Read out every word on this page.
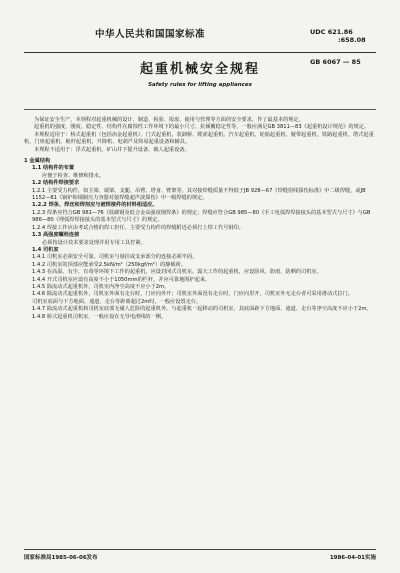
中华人民共和国国家标准	UDC 621.86
:658.08
GB 6067 — 85
起重机械安全规程
Safety rules for lifting appliances

为保证安全生产，本规程对起重机械的设计、制造、检验、报废、使用与管理等方面的安全要求，作了最基本的规定。

起重机的强度、刚度、稳定性、结构件在腐蚀性工作环境下的最小尺寸、抗倾覆稳定性等，一般应满足GB 3811—83《起重机设计规范》的规定。

本规程适用于：桥式起重机（包括冶金起重机）、门式起重机、装卸桥、缆索起重机、汽车起重机、轮胎起重机、履带起重机、铁路起重机、塔式起重机、门座起重机、桅杆起重机、升降机、电葫芦及简易起重设备和辅具。

本规程不适用于：浮式起重机、矿山井下提升设备、载人起重设备。

1 金属结构

1.1 结构件的布置

应便于检查、维修和排水。

1.2 结构件焊接要求

1.2.1 主要受力构件，如主梁、端梁、支腿、吊臂、塔身、臂架等，其对接焊缝质量不得低于JB 928—67《焊缝射线探伤标准》中二级焊缝，或JB 1152—81《锅炉和钢制压力容器对接焊缝超声波探伤》中一级焊缝的规定。

1.2.2 焊条、焊丝和焊剂应与被焊接件的材料相适应。

1.2.3 焊条应符合GB 981—76《低碳钢及低合金高强度钢焊条》的规定；焊缝应符合GB 985—80《手工电弧焊焊接接头的基本型式与尺寸》与GB 986—80《埋弧焊焊接接头的基本型式与尺寸》的规定。

1.2.4 焊接工作应由考试合格的焊工担任。主要受力构件的焊缝附近必须打上焊工代号钢印。

1.3 高强度螺栓连接

必须按设计技术要求处理并用专用工具拧紧。

1.4 司机室

1.4.1 司机室必须安全可靠。司机室与悬挂或支承部分的连接必须牢固。

1.4.2 司机室的顶部应能承受2.5kN/m²（250kgf/m²）的静载荷。

1.4.3 在高温、有尘、有毒等环境下工作的起重机，应设封闭式司机室。露天工作的起重机，应设防风、防雨、防晒的司机室。

1.4.4 开式司机室应设有高度不小于1050mm的栏杆，并应可靠地围护起来。

1.4.5 除流动式起重机外，司机室内净空高度不应小于2m。

1.4.6 除流动式起重机外，司机室外面有走台时，门应向外开；司机室外面没有走台时，门应向里开。司机室外无走台者可采用滑动式拉门。

司机室底面与下方地面、通道、走台等距离超过2m时，一般应设置走台。

1.4.7 除流动式起重机和司机室底部无碰人危险的起重机外，与起重机一起移动的司机室，其底面距下方地面、通道、走台等净空高度不应小于2m。

1.4.8 桥式起重机司机室，一般应设在无导电滑线的一侧。

国家标准局1985-06-06发布	1986-04-01实施
